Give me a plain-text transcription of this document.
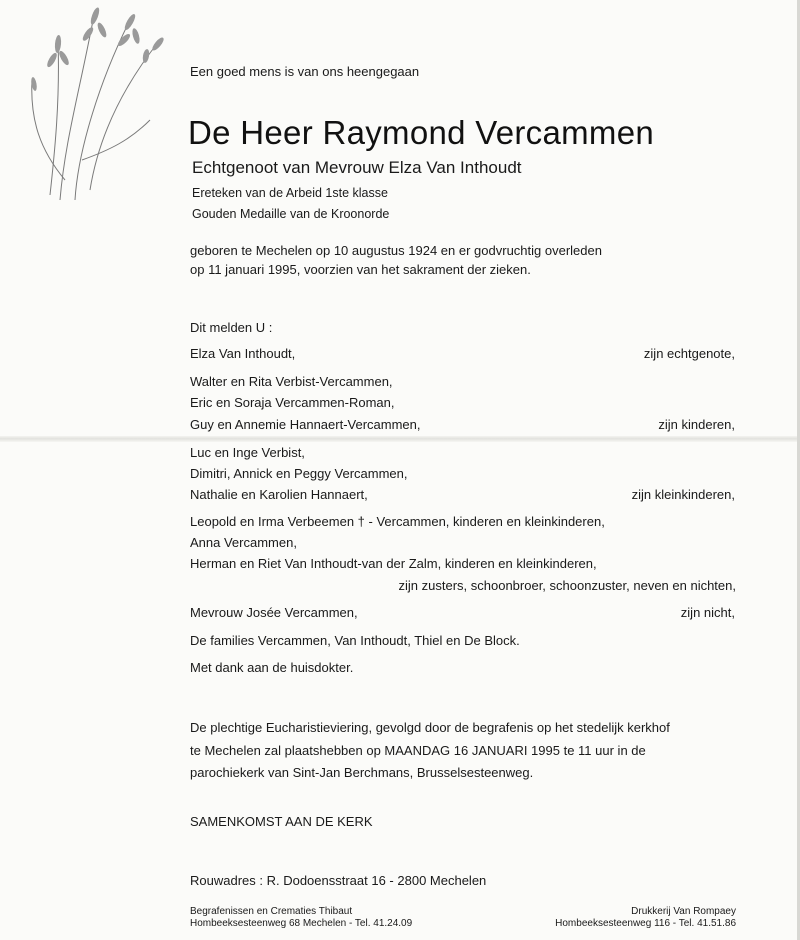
Een goed mens is van ons heengegaan
De Heer Raymond Vercammen
Echtgenoot van Mevrouw Elza Van Inthoudt
Ereteken van de Arbeid 1ste klasse
Gouden Medaille van de Kroonorde
geboren te Mechelen op 10 augustus 1924 en er godvruchtig overleden
op 11 januari 1995, voorzien van het sakrament der zieken.
Dit melden U :
Elza Van Inthoudt,	zijn echtgenote,
Walter en Rita Verbist-Vercammen,
Eric en Soraja Vercammen-Roman,
Guy en Annemie Hannaert-Vercammen,	zijn kinderen,
Luc en Inge Verbist,
Dimitri, Annick en Peggy Vercammen,
Nathalie en Karolien Hannaert,	zijn kleinkinderen,
Leopold en Irma Verbeemen † - Vercammen, kinderen en kleinkinderen,
Anna Vercammen,
Herman en Riet Van Inthoudt-van der Zalm, kinderen en kleinkinderen,
zijn zusters, schoonbroer, schoonzuster, neven en nichten,
Mevrouw Josée Vercammen,	zijn nicht,
De families Vercammen, Van Inthoudt, Thiel en De Block.
Met dank aan de huisdokter.
De plechtige Eucharistieviering, gevolgd door de begrafenis op het stedelijk kerkhof
te Mechelen zal plaatshebben op MAANDAG 16 JANUARI 1995 te 11 uur in de
parochiekerk van Sint-Jan Berchmans, Brusselsesteenweg.
SAMENKOMST AAN DE KERK
Rouwadres : R. Dodoensstraat 16 - 2800 Mechelen
Begrafenissen en Crematies Thibaut
Hombeeksesteenweg 68 Mechelen - Tel. 41.24.09
Drukkerij Van Rompaey
Hombeeksesteenweg 116 - Tel. 41.51.86
